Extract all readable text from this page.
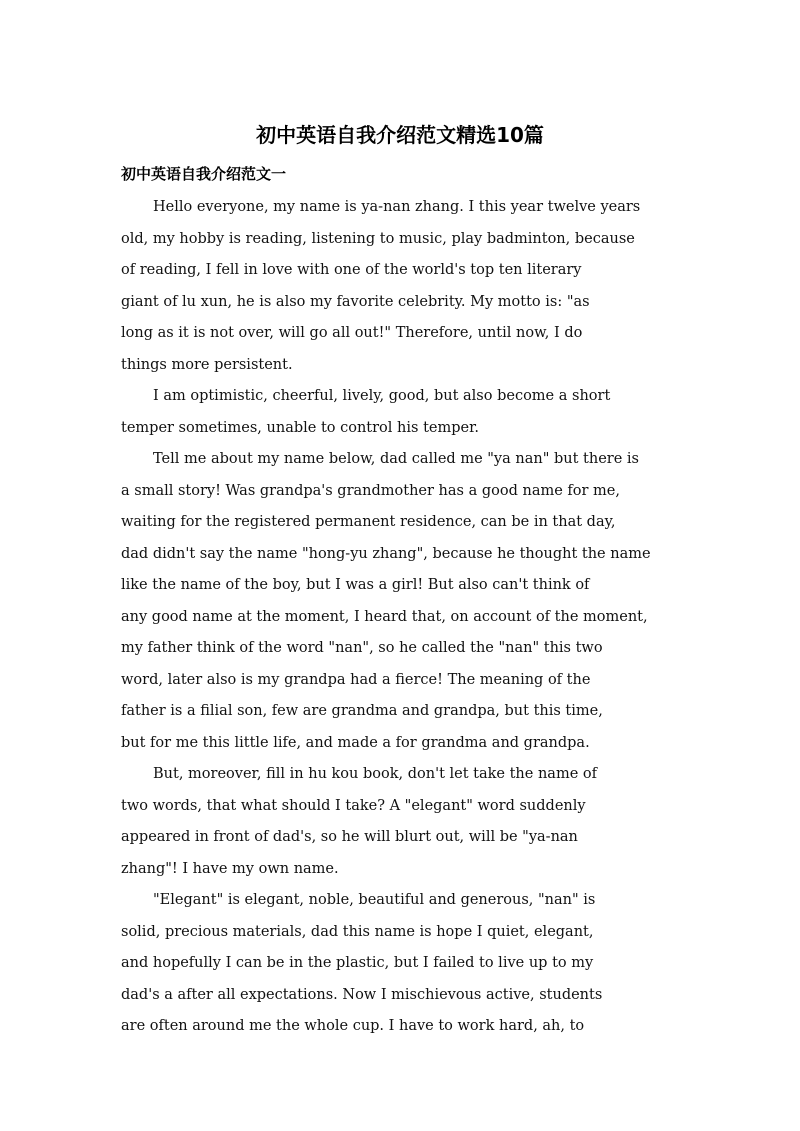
初中英语自我介绍范文精选10篇
初中英语自我介绍范文一

Hello everyone, my name is ya-nan zhang. I this year twelve years

old, my hobby is reading, listening to music, play badminton, because

of reading, I fell in love with one of the world's top ten literary

giant of lu xun, he is also my favorite celebrity. My motto is: "as

long as it is not over, will go all out!" Therefore, until now, I do

things more persistent.

I am optimistic, cheerful, lively, good, but also become a short

temper sometimes, unable to control his temper.

Tell me about my name below, dad called me "ya nan" but there is

a small story! Was grandpa's grandmother has a good name for me,

waiting for the registered permanent residence, can be in that day,

dad didn't say the name "hong-yu zhang", because he thought the name

like the name of the boy, but I was a girl! But also can't think of

any good name at the moment, I heard that, on account of the moment,

my father think of the word "nan", so he called the "nan" this two

word, later also is my grandpa had a fierce! The meaning of the

father is a filial son, few are grandma and grandpa, but this time,

but for me this little life, and made a for grandma and grandpa.

But, moreover, fill in hu kou book, don't let take the name of

two words, that what should I take? A "elegant" word suddenly

appeared in front of dad's, so he will blurt out, will be "ya-nan

zhang"! I have my own name.

"Elegant" is elegant, noble, beautiful and generous, "nan" is

solid, precious materials, dad this name is hope I quiet, elegant,

and hopefully I can be in the plastic, but I failed to live up to my

dad's a after all expectations. Now I mischievous active, students

are often around me the whole cup. I have to work hard, ah, to
